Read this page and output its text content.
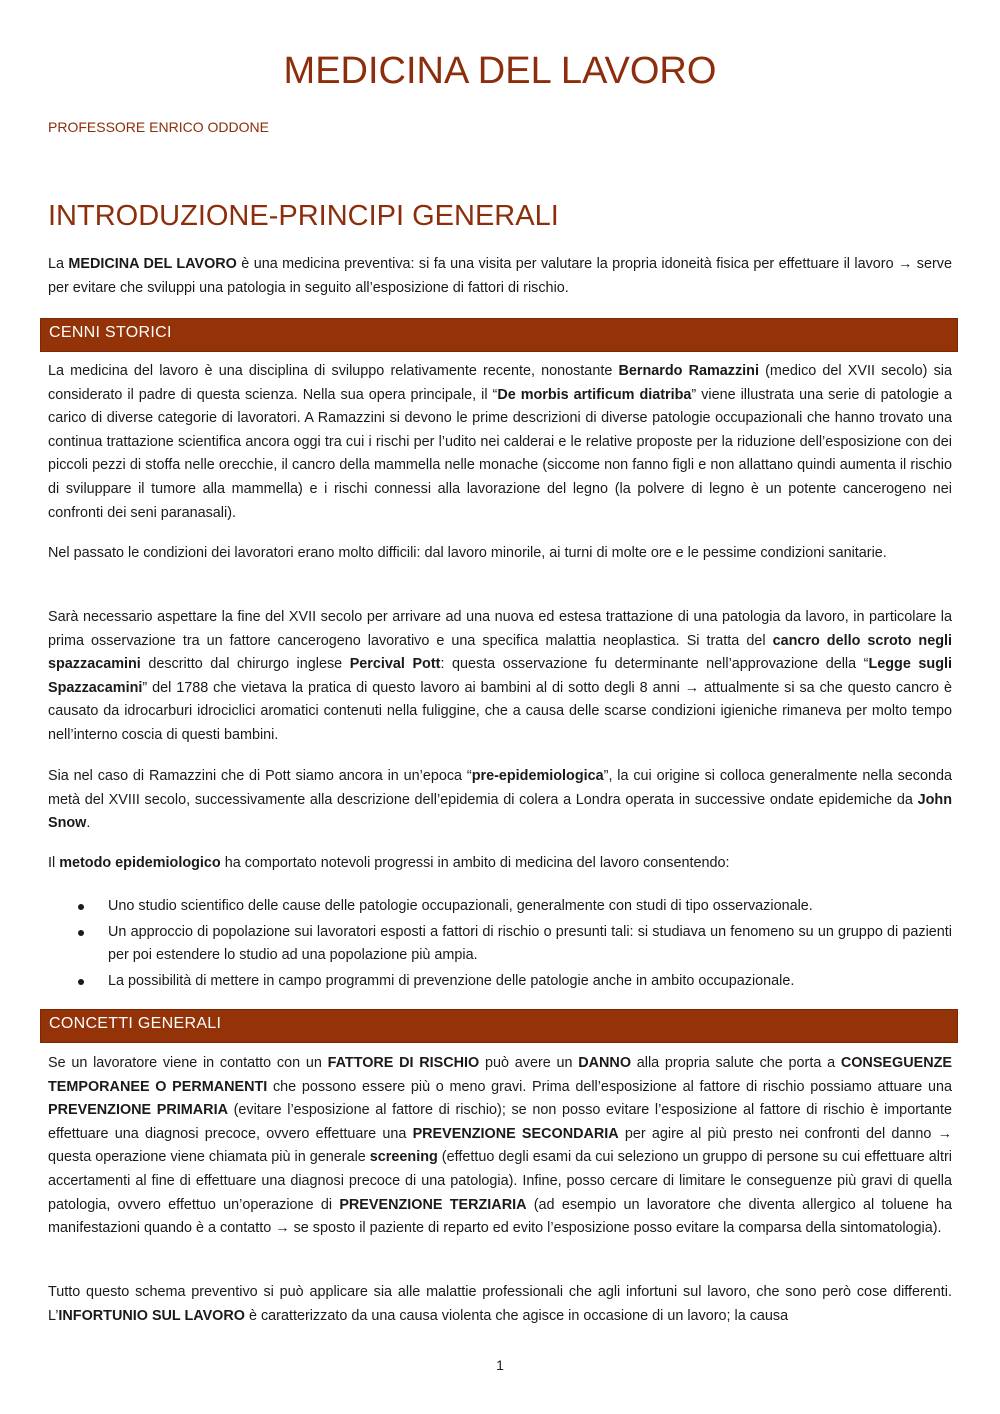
MEDICINA DEL LAVORO
PROFESSORE ENRICO ODDONE
INTRODUZIONE-PRINCIPI GENERALI
La MEDICINA DEL LAVORO è una medicina preventiva: si fa una visita per valutare la propria idoneità fisica per effettuare il lavoro → serve per evitare che sviluppi una patologia in seguito all’esposizione di fattori di rischio.
CENNI STORICI
La medicina del lavoro è una disciplina di sviluppo relativamente recente, nonostante Bernardo Ramazzini (medico del XVII secolo) sia considerato il padre di questa scienza. Nella sua opera principale, il “De morbis artificum diatriba” viene illustrata una serie di patologie a carico di diverse categorie di lavoratori. A Ramazzini si devono le prime descrizioni di diverse patologie occupazionali che hanno trovato una continua trattazione scientifica ancora oggi tra cui i rischi per l’udito nei calderai e le relative proposte per la riduzione dell’esposizione con dei piccoli pezzi di stoffa nelle orecchie, il cancro della mammella nelle monache (siccome non fanno figli e non allattano quindi aumenta il rischio di sviluppare il tumore alla mammella) e i rischi connessi alla lavorazione del legno (la polvere di legno è un potente cancerogeno nei confronti dei seni paranasali).
Nel passato le condizioni dei lavoratori erano molto difficili: dal lavoro minorile, ai turni di molte ore e le pessime condizioni sanitarie.
Sarà necessario aspettare la fine del XVII secolo per arrivare ad una nuova ed estesa trattazione di una patologia da lavoro, in particolare la prima osservazione tra un fattore cancerogeno lavorativo e una specifica malattia neoplastica. Si tratta del cancro dello scroto negli spazzacamini descritto dal chirurgo inglese Percival Pott: questa osservazione fu determinante nell’approvazione della “Legge sugli Spazzacamini” del 1788 che vietava la pratica di questo lavoro ai bambini al di sotto degli 8 anni → attualmente si sa che questo cancro è causato da idrocarburi idrociclici aromatici contenuti nella fuliggine, che a causa delle scarse condizioni igieniche rimaneva per molto tempo nell’interno coscia di questi bambini.
Sia nel caso di Ramazzini che di Pott siamo ancora in un’epoca “pre-epidemiologica”, la cui origine si colloca generalmente nella seconda metà del XVIII secolo, successivamente alla descrizione dell’epidemia di colera a Londra operata in successive ondate epidemiche da John Snow.
Il metodo epidemiologico ha comportato notevoli progressi in ambito di medicina del lavoro consentendo:
Uno studio scientifico delle cause delle patologie occupazionali, generalmente con studi di tipo osservazionale.
Un approccio di popolazione sui lavoratori esposti a fattori di rischio o presunti tali: si studiava un fenomeno su un gruppo di pazienti per poi estendere lo studio ad una popolazione più ampia.
La possibilità di mettere in campo programmi di prevenzione delle patologie anche in ambito occupazionale.
CONCETTI GENERALI
Se un lavoratore viene in contatto con un FATTORE DI RISCHIO può avere un DANNO alla propria salute che porta a CONSEGUENZE TEMPORANEE O PERMANENTI che possono essere più o meno gravi. Prima dell’esposizione al fattore di rischio possiamo attuare una PREVENZIONE PRIMARIA (evitare l’esposizione al fattore di rischio); se non posso evitare l’esposizione al fattore di rischio è importante effettuare una diagnosi precoce, ovvero effettuare una PREVENZIONE SECONDARIA per agire al più presto nei confronti del danno → questa operazione viene chiamata più in generale screening (effettuo degli esami da cui seleziono un gruppo di persone su cui effettuare altri accertamenti al fine di effettuare una diagnosi precoce di una patologia). Infine, posso cercare di limitare le conseguenze più gravi di quella patologia, ovvero effettuo un’operazione di PREVENZIONE TERZIARIA (ad esempio un lavoratore che diventa allergico al toluene ha manifestazioni quando è a contatto → se sposto il paziente di reparto ed evito l’esposizione posso evitare la comparsa della sintomatologia).
Tutto questo schema preventivo si può applicare sia alle malattie professionali che agli infortuni sul lavoro, che sono però cose differenti. L’INFORTUNIO SUL LAVORO è caratterizzato da una causa violenta che agisce in occasione di un lavoro; la causa
1
